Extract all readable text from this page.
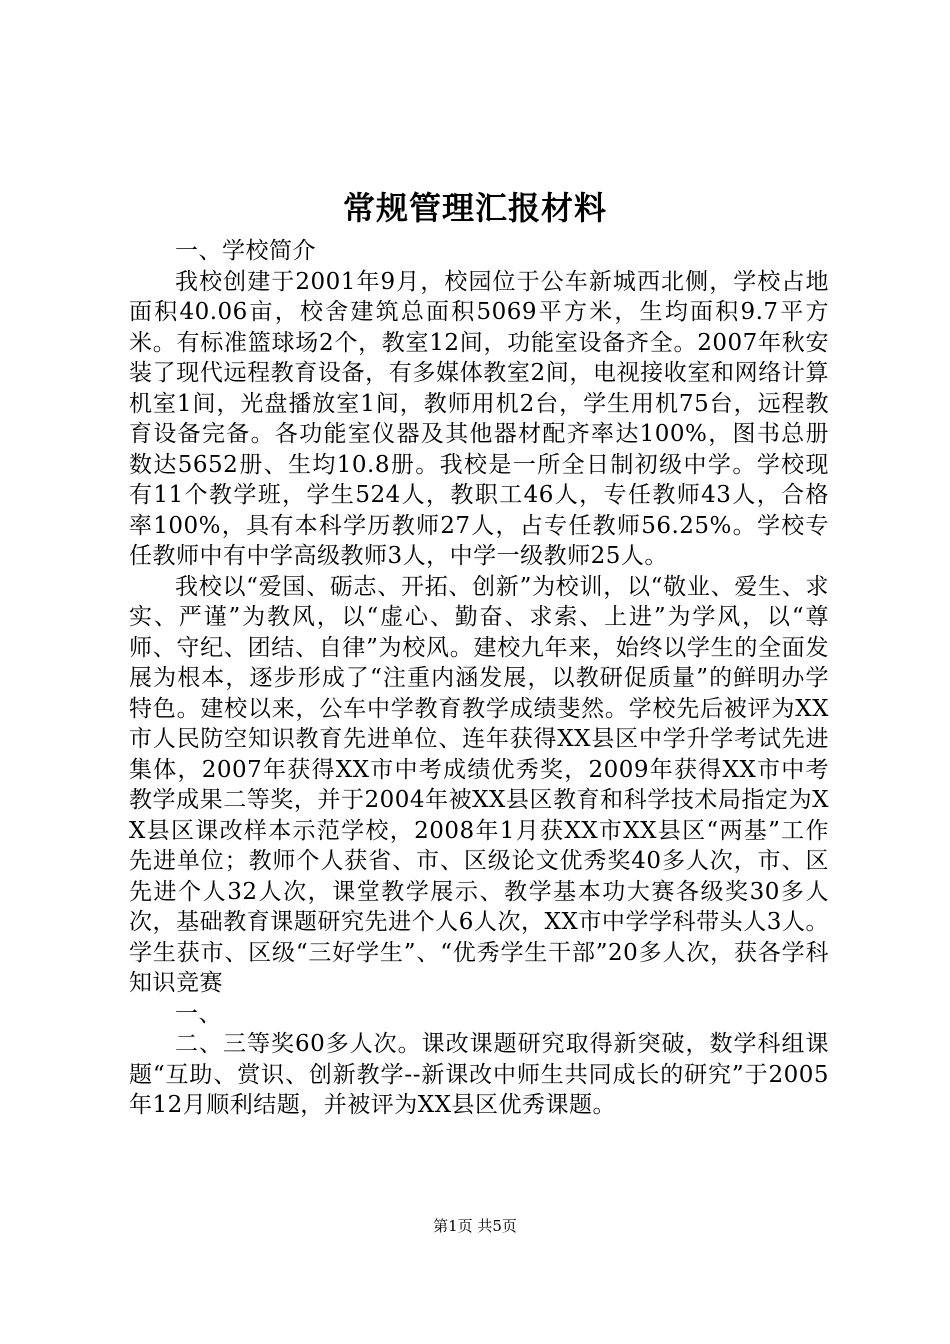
常规管理汇报材料

一、学校简介

我校创建于2001年9月，校园位于公车新城西北侧，学校占地面积40.06亩，校舍建筑总面积5069平方米，生均面积9.7平方米。有标准篮球场2个，教室12间，功能室设备齐全。2007年秋安装了现代远程教育设备，有多媒体教室2间，电视接收室和网络计算机室1间，光盘播放室1间，教师用机2台，学生用机75台，远程教育设备完备。各功能室仪器及其他器材配齐率达100%，图书总册数达5652册、生均10.8册。我校是一所全日制初级中学。学校现有11个教学班，学生524人，教职工46人，专任教师43人，合格率100%，具有本科学历教师27人，占专任教师56.25%。学校专任教师中有中学高级教师3人，中学一级教师25人。

我校以“爱国、砺志、开拓、创新”为校训，以“敬业、爱生、求实、严谨”为教风，以“虚心、勤奋、求索、上进”为学风，以“尊师、守纪、团结、自律”为校风。建校九年来，始终以学生的全面发展为根本，逐步形成了“注重内涵发展，以教研促质量”的鲜明办学特色。建校以来，公车中学教育教学成绩斐然。学校先后被评为XX市人民防空知识教育先进单位、连年获得XX县区中学升学考试先进集体，2007年获得XX市中考成绩优秀奖，2009年获得XX市中考教学成果二等奖，并于2004年被XX县区教育和科学技术局指定为XX县区课改样本示范学校，2008年1月获XX市XX县区“两基”工作先进单位；教师个人获省、市、区级论文优秀奖40多人次，市、区先进个人32人次，课堂教学展示、教学基本功大赛各级奖30多人次，基础教育课题研究先进个人6人次，XX市中学学科带头人3人。学生获市、区级“三好学生”、“优秀学生干部”20多人次，获各学科知识竞赛

一、

二、三等奖60多人次。课改课题研究取得新突破，数学科组课题“互助、赏识、创新教学--新课改中师生共同成长的研究”于2005年12月顺利结题，并被评为XX县区优秀课题。

第1页 共5页
